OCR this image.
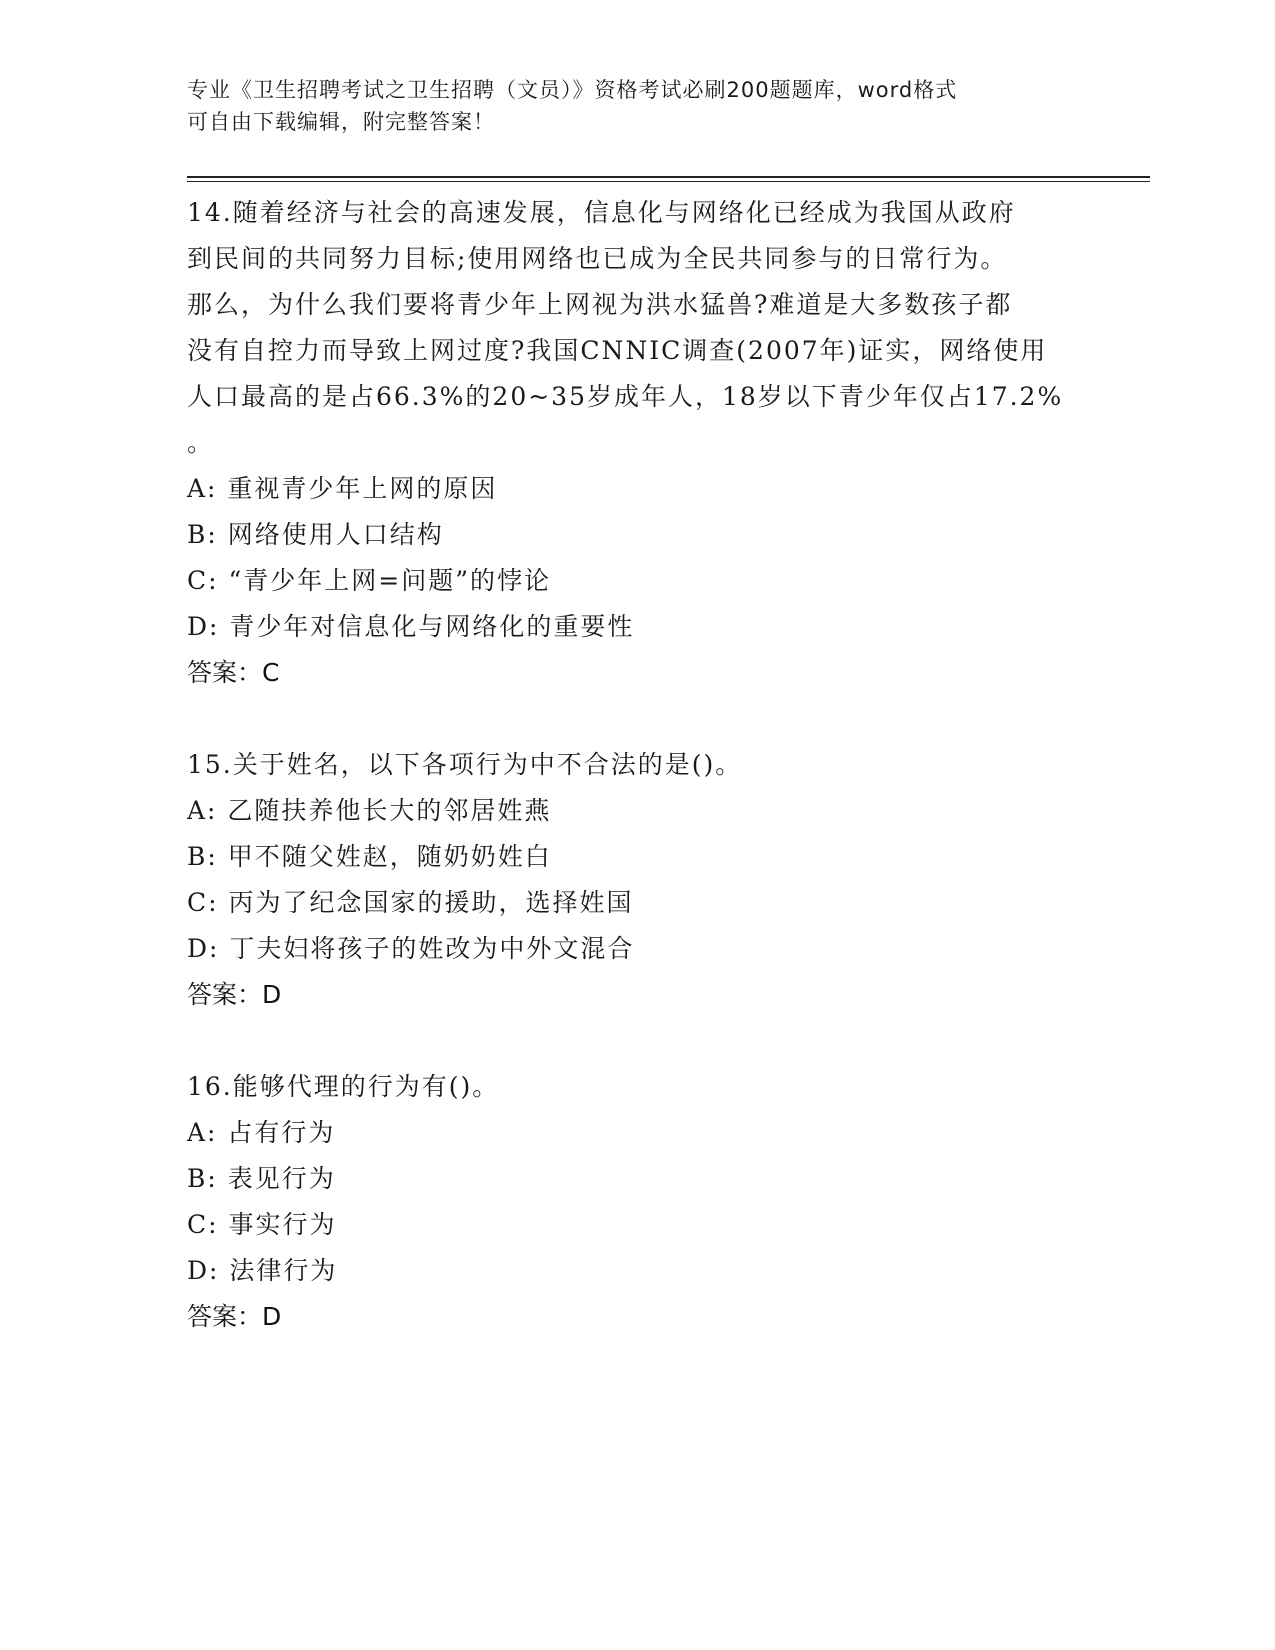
专业《卫生招聘考试之卫生招聘（文员）》资格考试必刷200题题库，word格式
可自由下载编辑，附完整答案！
14.随着经济与社会的高速发展，信息化与网络化已经成为我国从政府
到民间的共同努力目标;使用网络也已成为全民共同参与的日常行为。
那么，为什么我们要将青少年上网视为洪水猛兽?难道是大多数孩子都
没有自控力而导致上网过度?我国CNNIC调查(2007年)证实，网络使用
人口最高的是占66.3%的20~35岁成年人，18岁以下青少年仅占17.2%
。
A: 重视青少年上网的原因
B: 网络使用人口结构
C: “青少年上网=问题”的悖论
D: 青少年对信息化与网络化的重要性
答案：C
15.关于姓名，以下各项行为中不合法的是()。
A: 乙随扶养他长大的邻居姓燕
B: 甲不随父姓赵，随奶奶姓白
C: 丙为了纪念国家的援助，选择姓国
D: 丁夫妇将孩子的姓改为中外文混合
答案：D
16.能够代理的行为有()。
A: 占有行为
B: 表见行为
C: 事实行为
D: 法律行为
答案：D
